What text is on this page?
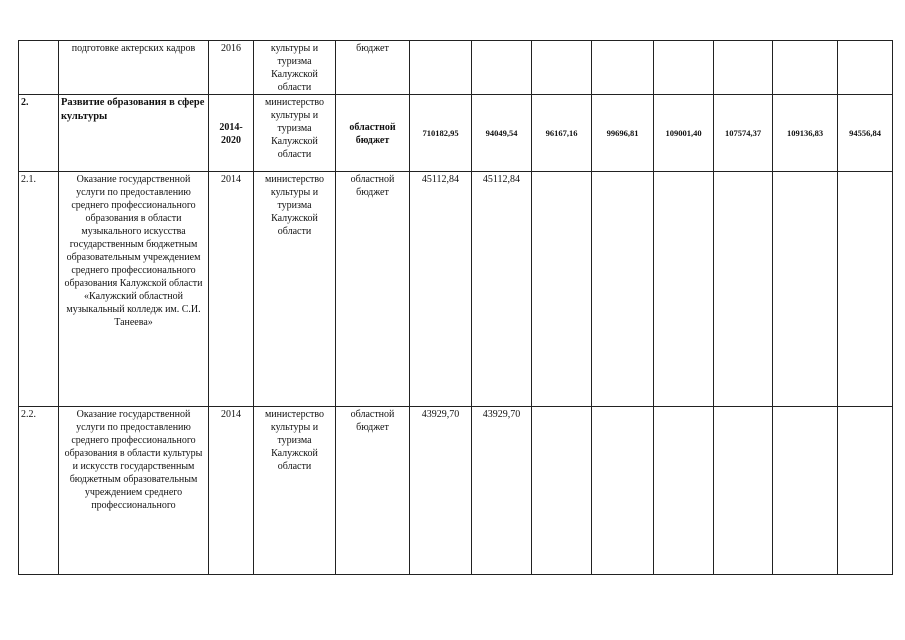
	подготовке актерских кадров	2016	культуры и туризма Калужской области	бюджет								
2.	Развитие образования в сфере культуры	2014-2020	министерство культуры и туризма Калужской области	областной бюджет	710182,95	94049,54	96167,16	99696,81	109001,40	107574,37	109136,83	94556,84
2.1.	Оказание государственной услуги по предоставлению среднего профессионального образования в области музыкального искусства государственным бюджетным образовательным учреждением среднего профессионального образования Калужской области «Калужский областной музыкальный колледж им. С.И. Танеева»	2014	министерство культуры и туризма Калужской области	областной бюджет	45112,84	45112,84						
2.2.	Оказание государственной услуги по предоставлению среднего профессионального образования в области культуры и искусств государственным бюджетным образовательным учреждением среднего профессионального	2014	министерство культуры и туризма Калужской области	областной бюджет	43929,70	43929,70						
